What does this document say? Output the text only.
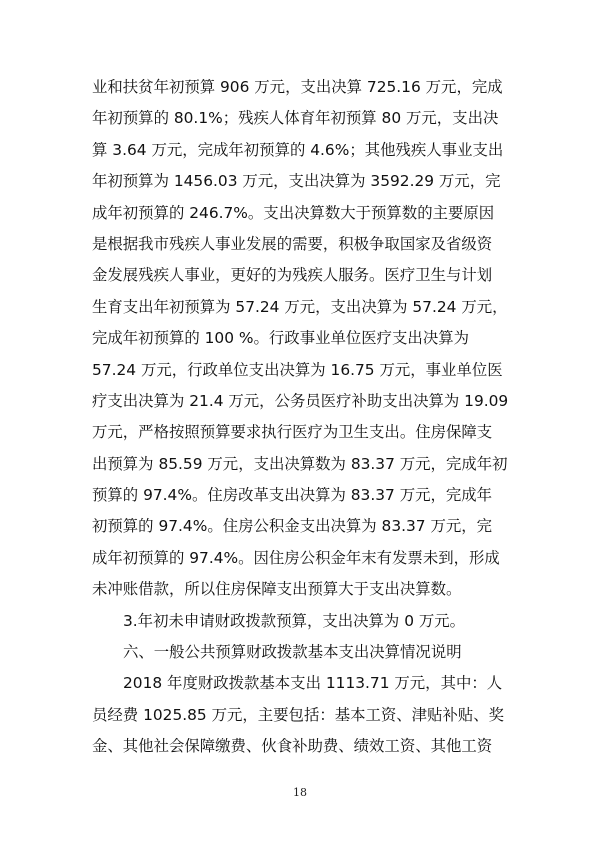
业和扶贫年初预算 906 万元，支出决算 725.16 万元，完成
年初预算的 80.1%；残疾人体育年初预算 80 万元，支出决
算 3.64 万元，完成年初预算的 4.6%；其他残疾人事业支出
年初预算为 1456.03 万元，支出决算为 3592.29 万元，完
成年初预算的 246.7%。支出决算数大于预算数的主要原因
是根据我市残疾人事业发展的需要，积极争取国家及省级资
金发展残疾人事业，更好的为残疾人服务。医疗卫生与计划
生育支出年初预算为 57.24 万元，支出决算为 57.24 万元，
完成年初预算的 100 %。行政事业单位医疗支出决算为
57.24 万元，行政单位支出决算为 16.75 万元，事业单位医
疗支出决算为 21.4 万元，公务员医疗补助支出决算为 19.09
万元，严格按照预算要求执行医疗为卫生支出。住房保障支
出预算为 85.59 万元，支出决算数为 83.37 万元，完成年初
预算的 97.4%。住房改革支出决算为 83.37 万元，完成年
初预算的 97.4%。住房公积金支出决算为 83.37 万元，完
成年初预算的 97.4%。因住房公积金年末有发票未到，形成
未冲账借款，所以住房保障支出预算大于支出决算数。
3.年初未申请财政拨款预算，支出决算为 0 万元。
六、一般公共预算财政拨款基本支出决算情况说明
2018 年度财政拨款基本支出 1113.71 万元，其中：人
员经费 1025.85 万元，主要包括：基本工资、津贴补贴、奖
金、其他社会保障缴费、伙食补助费、绩效工资、其他工资
18
